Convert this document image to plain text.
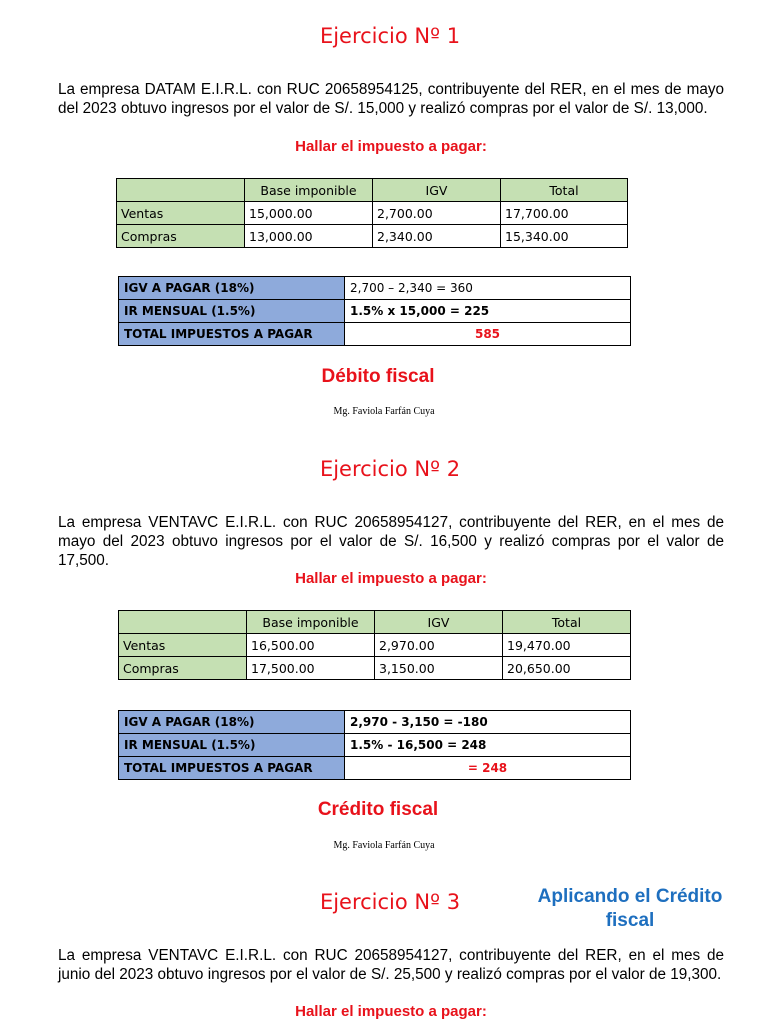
Ejercicio Nº 1
La empresa DATAM E.I.R.L. con RUC 20658954125, contribuyente del RER, en el mes de mayo del 2023 obtuvo ingresos por el valor de S/. 15,000 y realizó compras por el valor de S/. 13,000.
Hallar el impuesto a pagar:
	Base imponible	IGV	Total
Ventas	15,000.00	2,700.00	17,700.00
Compras	13,000.00	2,340.00	15,340.00
IGV A PAGAR (18%)	2,700 – 2,340 = 360
IR MENSUAL (1.5%)	1.5% x 15,000 = 225
TOTAL IMPUESTOS A PAGAR	585
Débito fiscal
Mg. Faviola Farfán Cuya
Ejercicio Nº 2
La empresa VENTAVC E.I.R.L. con RUC 20658954127, contribuyente del RER, en el mes de mayo del 2023 obtuvo ingresos por el valor de S/. 16,500 y realizó compras por el valor de 17,500.
Hallar el impuesto a pagar:
	Base imponible	IGV	Total
Ventas	16,500.00	2,970.00	19,470.00
Compras	17,500.00	3,150.00	20,650.00
IGV A PAGAR (18%)	2,970 - 3,150 = -180
IR MENSUAL (1.5%)	1.5% - 16,500 = 248
TOTAL IMPUESTOS A PAGAR	= 248
Crédito fiscal
Mg. Faviola Farfán Cuya
Ejercicio Nº 3	Aplicando el Crédito fiscal
La empresa VENTAVC E.I.R.L. con RUC 20658954127, contribuyente del RER, en el mes de junio del 2023 obtuvo ingresos por el valor de S/. 25,500 y realizó compras por el valor de 19,300.
Hallar el impuesto a pagar:
